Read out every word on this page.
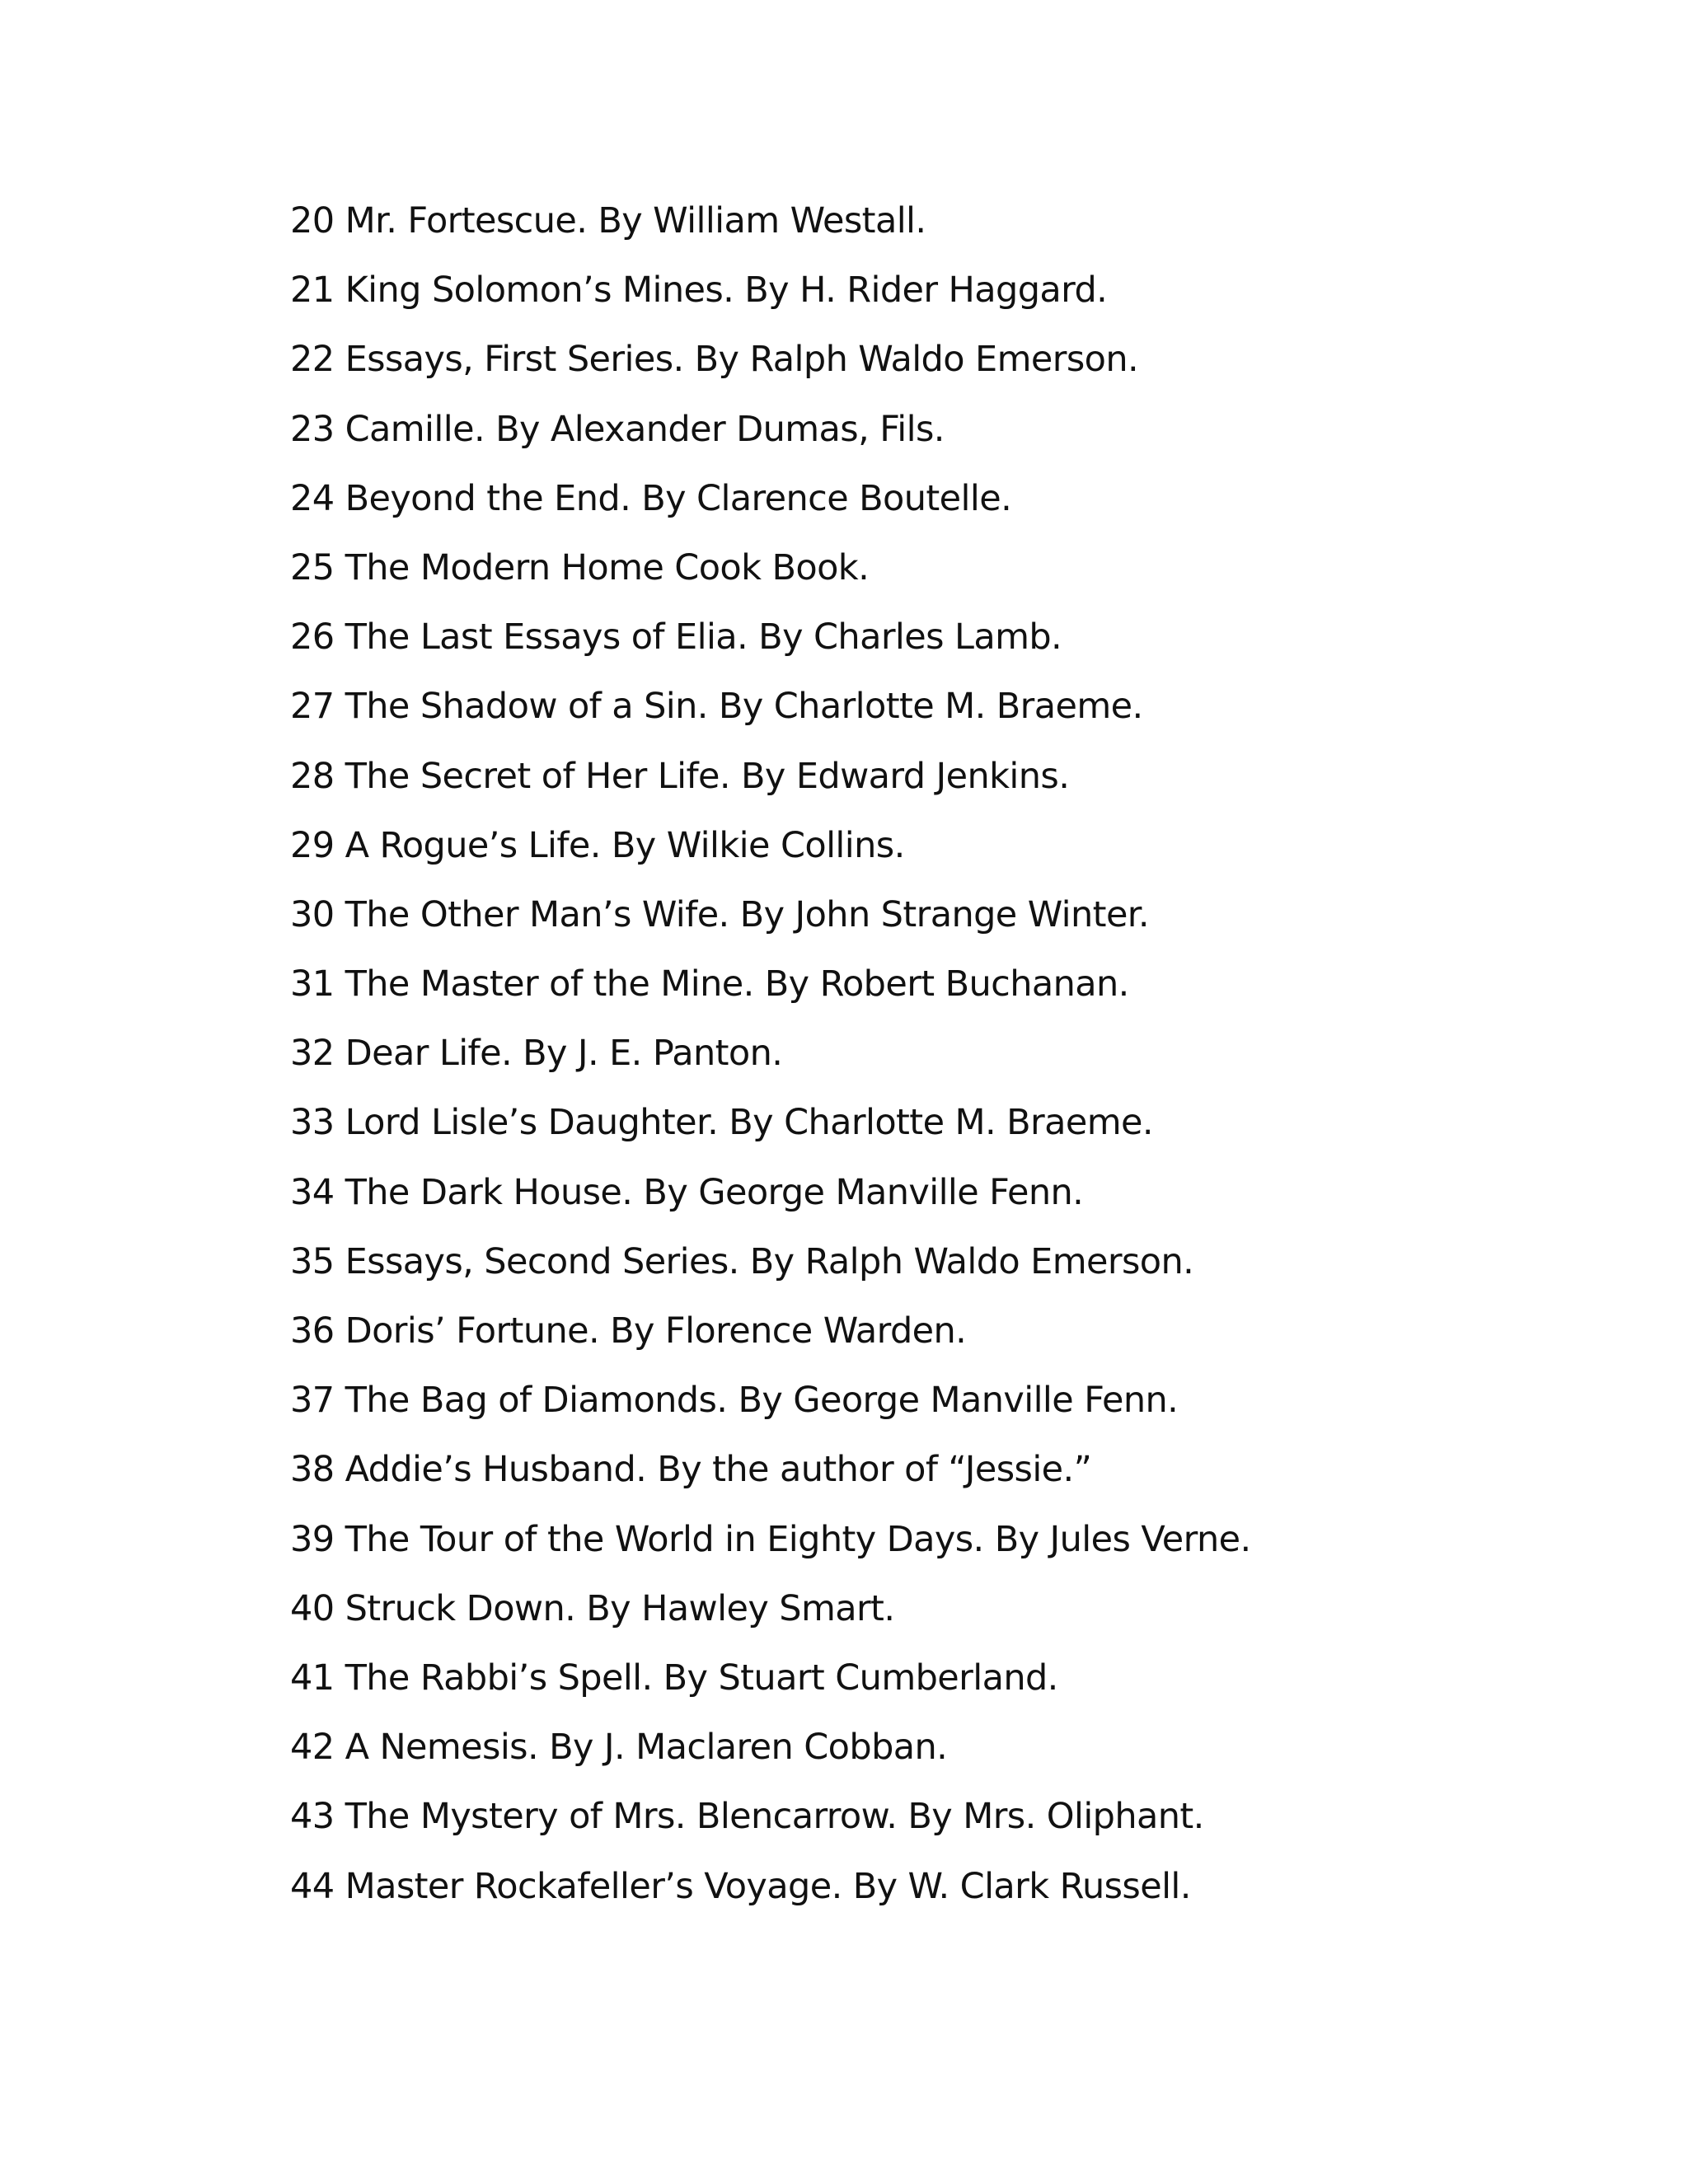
20 Mr. Fortescue. By William Westall.
21 King Solomon’s Mines. By H. Rider Haggard.
22 Essays, First Series. By Ralph Waldo Emerson.
23 Camille. By Alexander Dumas, Fils.
24 Beyond the End. By Clarence Boutelle.
25 The Modern Home Cook Book.
26 The Last Essays of Elia. By Charles Lamb.
27 The Shadow of a Sin. By Charlotte M. Braeme.
28 The Secret of Her Life. By Edward Jenkins.
29 A Rogue’s Life. By Wilkie Collins.
30 The Other Man’s Wife. By John Strange Winter.
31 The Master of the Mine. By Robert Buchanan.
32 Dear Life. By J. E. Panton.
33 Lord Lisle’s Daughter. By Charlotte M. Braeme.
34 The Dark House. By George Manville Fenn.
35 Essays, Second Series. By Ralph Waldo Emerson.
36 Doris’ Fortune. By Florence Warden.
37 The Bag of Diamonds. By George Manville Fenn.
38 Addie’s Husband. By the author of “Jessie.”
39 The Tour of the World in Eighty Days. By Jules Verne.
40 Struck Down. By Hawley Smart.
41 The Rabbi’s Spell. By Stuart Cumberland.
42 A Nemesis. By J. Maclaren Cobban.
43 The Mystery of Mrs. Blencarrow. By Mrs. Oliphant.
44 Master Rockafeller’s Voyage. By W. Clark Russell.
